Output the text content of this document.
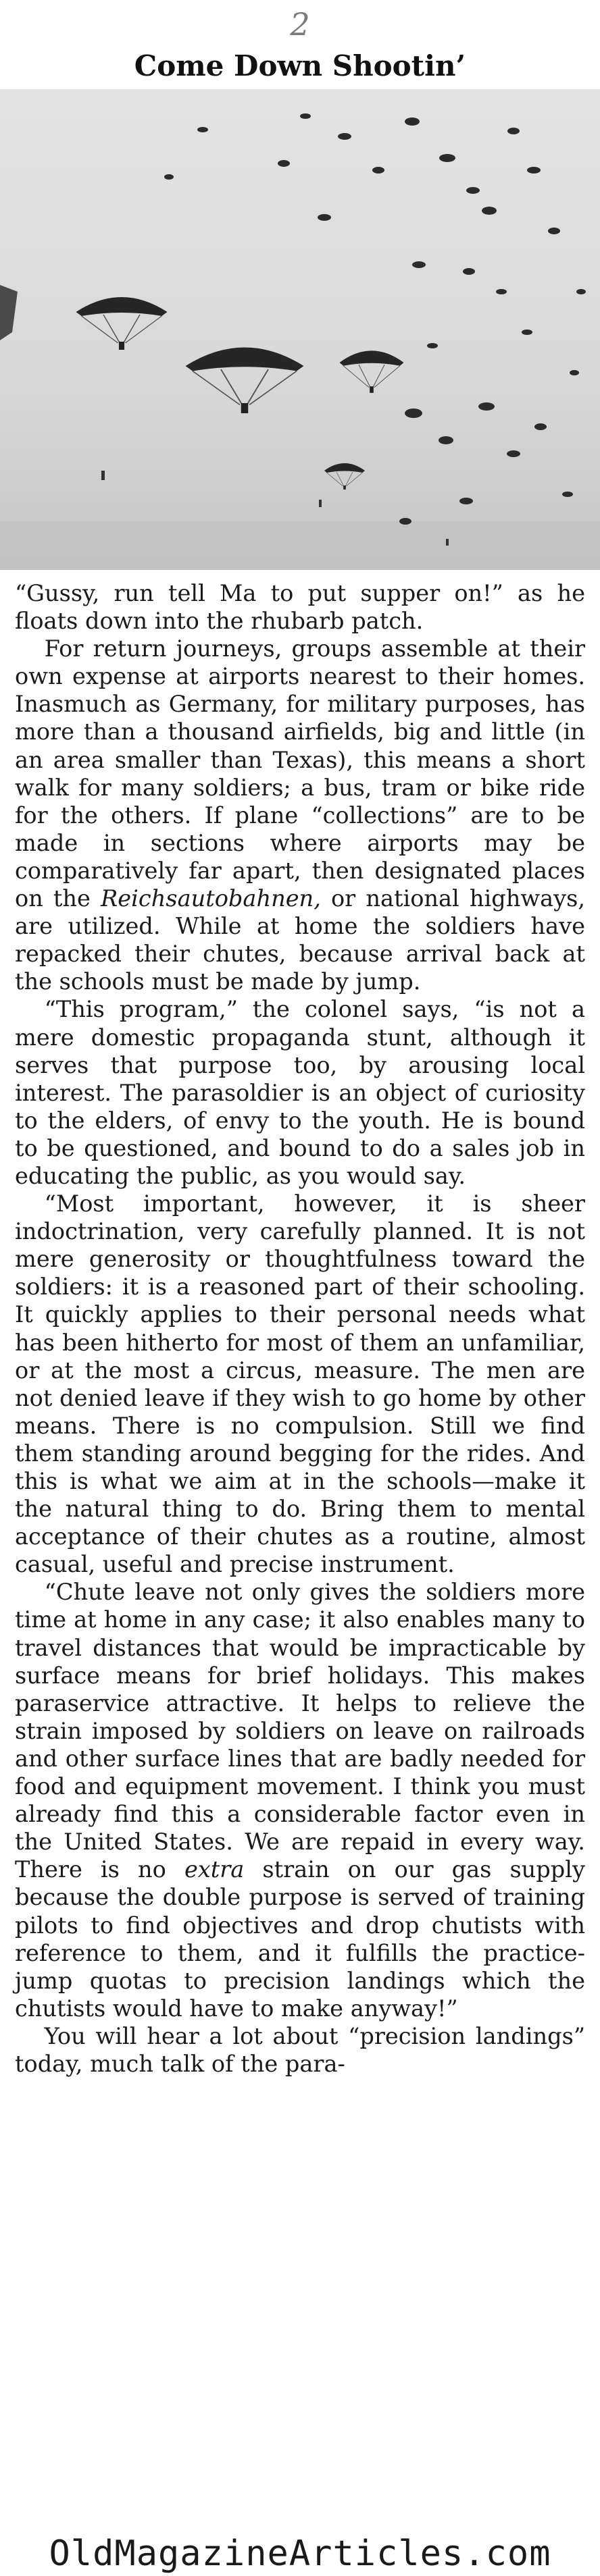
2
Come Down Shootin’

“Gussy, run tell Ma to put supper on!” as he floats down into the rhubarb patch.

For return journeys, groups assemble at their own expense at airports nearest to their homes. Inasmuch as Germany, for military purposes, has more than a thousand airfields, big and little (in an area smaller than Texas), this means a short walk for many soldiers; a bus, tram or bike ride for the others. If plane “collections” are to be made in sections where airports may be comparatively far apart, then designated places on the Reichsautobahnen, or national highways, are utilized. While at home the soldiers have repacked their chutes, because arrival back at the schools must be made by jump.

“This program,” the colonel says, “is not a mere domestic propaganda stunt, although it serves that purpose too, by arousing local interest. The parasoldier is an object of curiosity to the elders, of envy to the youth. He is bound to be questioned, and bound to do a sales job in educating the public, as you would say.

“Most important, however, it is sheer indoctrination, very carefully planned. It is not mere generosity or thoughtfulness toward the soldiers: it is a reasoned part of their schooling. It quickly applies to their personal needs what has been hitherto for most of them an unfamiliar, or at the most a circus, measure. The men are not denied leave if they wish to go home by other means. There is no compulsion. Still we find them standing around begging for the rides. And this is what we aim at in the schools—make it the natural thing to do. Bring them to mental acceptance of their chutes as a routine, almost casual, useful and precise instrument.

“Chute leave not only gives the soldiers more time at home in any case; it also enables many to travel distances that would be impracticable by surface means for brief holidays. This makes paraservice attractive. It helps to relieve the strain imposed by soldiers on leave on railroads and other surface lines that are badly needed for food and equipment movement. I think you must already find this a considerable factor even in the United States. We are repaid in every way. There is no extra strain on our gas supply because the double purpose is served of training pilots to find objectives and drop chutists with reference to them, and it fulfills the practice-jump quotas to precision landings which the chutists would have to make anyway!”

You will hear a lot about “precision landings” today, much talk of the para-

OldMagazineArticles.com
